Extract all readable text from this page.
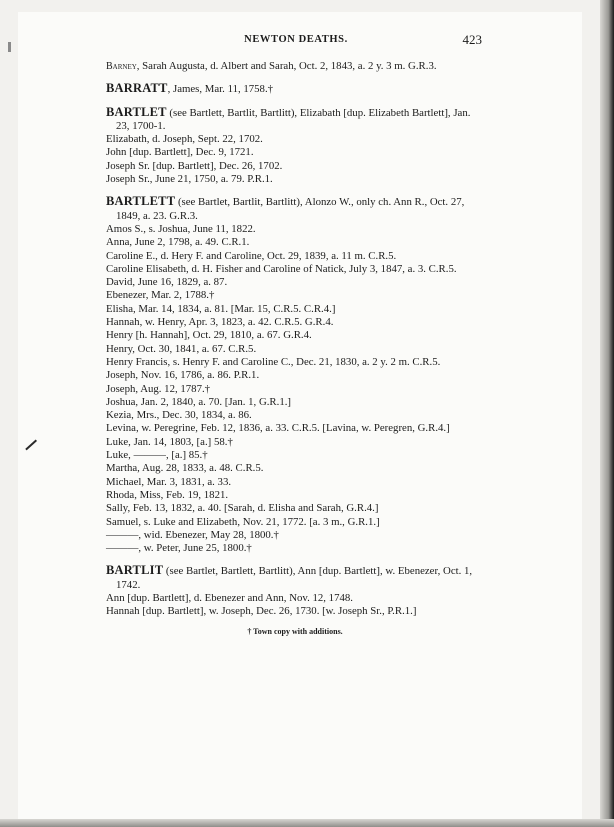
NEWTON DEATHS.	423

Barney, Sarah Augusta, d. Albert and Sarah, Oct. 2, 1843, a. 2 y. 3 m. G.R.3.

BARRATT, James, Mar. 11, 1758.†

BARTLET (see Bartlett, Bartlit, Bartlitt), Elizabath [dup. Elizabeth Bartlett], Jan. 23, 1700-1.

Elizabath, d. Joseph, Sept. 22, 1702.

John [dup. Bartlett], Dec. 9, 1721.

Joseph Sr. [dup. Bartlett], Dec. 26, 1702.

Joseph Sr., June 21, 1750, a. 79. P.R.1.

BARTLETT (see Bartlet, Bartlit, Bartlitt), Alonzo W., only ch. Ann R., Oct. 27, 1849, a. 23. G.R.3.

Amos S., s. Joshua, June 11, 1822.

Anna, June 2, 1798, a. 49. C.R.1.

Caroline E., d. Hery F. and Caroline, Oct. 29, 1839, a. 11 m. C.R.5.

Caroline Elisabeth, d. H. Fisher and Caroline of Natick, July 3, 1847, a. 3. C.R.5.

David, June 16, 1829, a. 87.

Ebenezer, Mar. 2, 1788.†

Elisha, Mar. 14, 1834, a. 81. [Mar. 15, C.R.5. C.R.4.]

Hannah, w. Henry, Apr. 3, 1823, a. 42. C.R.5. G.R.4.

Henry [h. Hannah], Oct. 29, 1810, a. 67. G.R.4.

Henry, Oct. 30, 1841, a. 67. C.R.5.

Henry Francis, s. Henry F. and Caroline C., Dec. 21, 1830, a. 2 y. 2 m. C.R.5.

Joseph, Nov. 16, 1786, a. 86. P.R.1.

Joseph, Aug. 12, 1787.†

Joshua, Jan. 2, 1840, a. 70. [Jan. 1, G.R.1.]

Kezia, Mrs., Dec. 30, 1834, a. 86.

Levina, w. Peregrine, Feb. 12, 1836, a. 33. C.R.5. [Lavina, w. Peregren, G.R.4.]

Luke, Jan. 14, 1803, [a.] 58.†

Luke, ———, [a.] 85.†

Martha, Aug. 28, 1833, a. 48. C.R.5.

Michael, Mar. 3, 1831, a. 33.

Rhoda, Miss, Feb. 19, 1821.

Sally, Feb. 13, 1832, a. 40. [Sarah, d. Elisha and Sarah, G.R.4.]

Samuel, s. Luke and Elizabeth, Nov. 21, 1772. [a. 3 m., G.R.1.]

———, wid. Ebenezer, May 28, 1800.†

———, w. Peter, June 25, 1800.†

BARTLIT (see Bartlet, Bartlett, Bartlitt), Ann [dup. Bartlett], w. Ebenezer, Oct. 1, 1742.

Ann [dup. Bartlett], d. Ebenezer and Ann, Nov. 12, 1748.

Hannah [dup. Bartlett], w. Joseph, Dec. 26, 1730. [w. Joseph Sr., P.R.1.]

† Town copy with additions.
